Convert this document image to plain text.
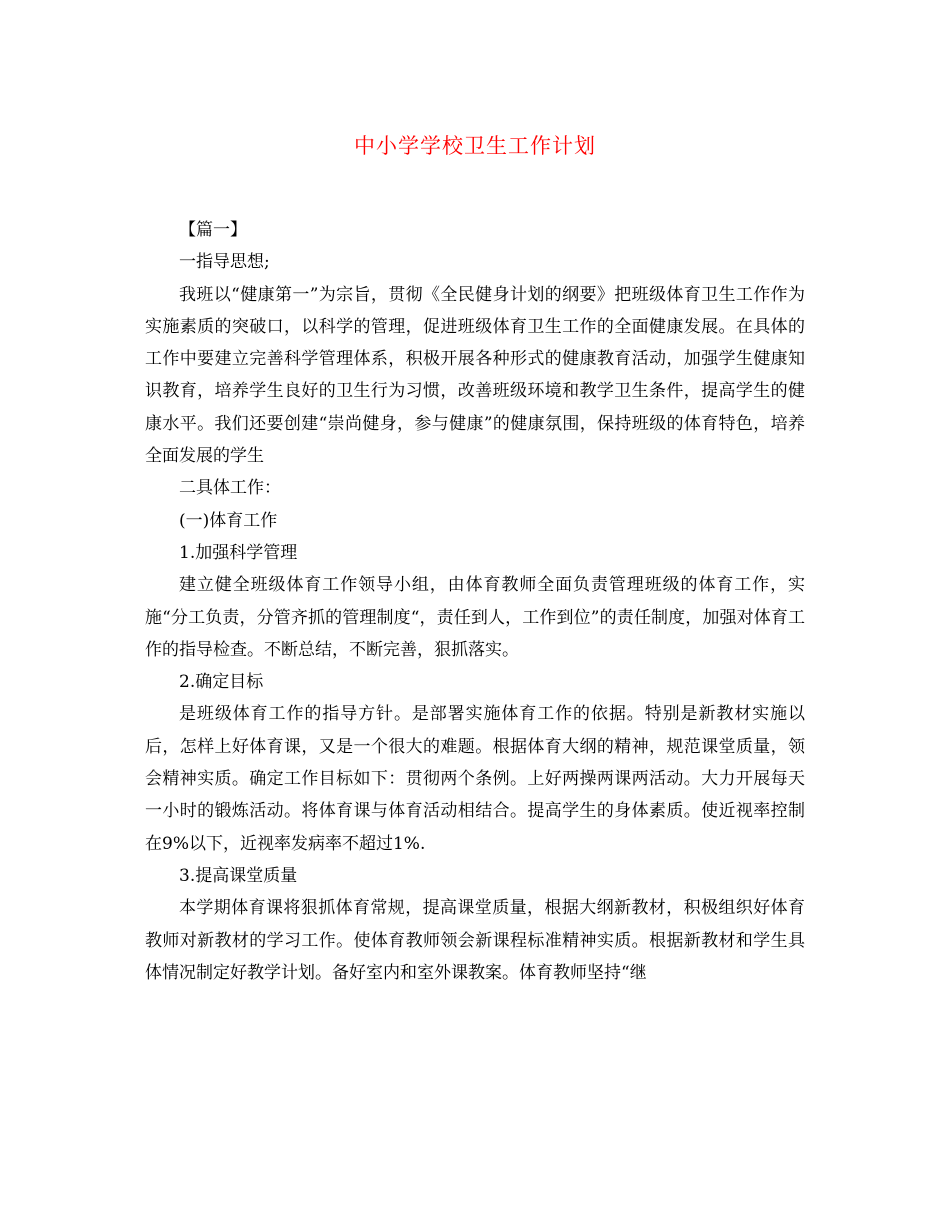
中小学学校卫生工作计划

【篇一】

一指导思想;

我班以“健康第一”为宗旨，贯彻《全民健身计划的纲要》把班级体育卫生工作作为实施素质的突破口，以科学的管理，促进班级体育卫生工作的全面健康发展。在具体的工作中要建立完善科学管理体系，积极开展各种形式的健康教育活动，加强学生健康知识教育，培养学生良好的卫生行为习惯，改善班级环境和教学卫生条件，提高学生的健康水平。我们还要创建“崇尚健身，参与健康”的健康氛围，保持班级的体育特色，培养全面发展的学生

二具体工作：

(一)体育工作

1.加强科学管理

建立健全班级体育工作领导小组，由体育教师全面负责管理班级的体育工作，实施“分工负责，分管齐抓的管理制度“，责任到人，工作到位”的责任制度，加强对体育工作的指导检查。不断总结，不断完善，狠抓落实。

2.确定目标

是班级体育工作的指导方针。是部署实施体育工作的依据。特别是新教材实施以后，怎样上好体育课，又是一个很大的难题。根据体育大纲的精神，规范课堂质量，领会精神实质。确定工作目标如下：贯彻两个条例。上好两操两课两活动。大力开展每天一小时的锻炼活动。将体育课与体育活动相结合。提高学生的身体素质。使近视率控制在9%以下，近视率发病率不超过1%.

3.提高课堂质量

本学期体育课将狠抓体育常规，提高课堂质量，根据大纲新教材，积极组织好体育教师对新教材的学习工作。使体育教师领会新课程标准精神实质。根据新教材和学生具体情况制定好教学计划。备好室内和室外课教案。体育教师坚持“继
